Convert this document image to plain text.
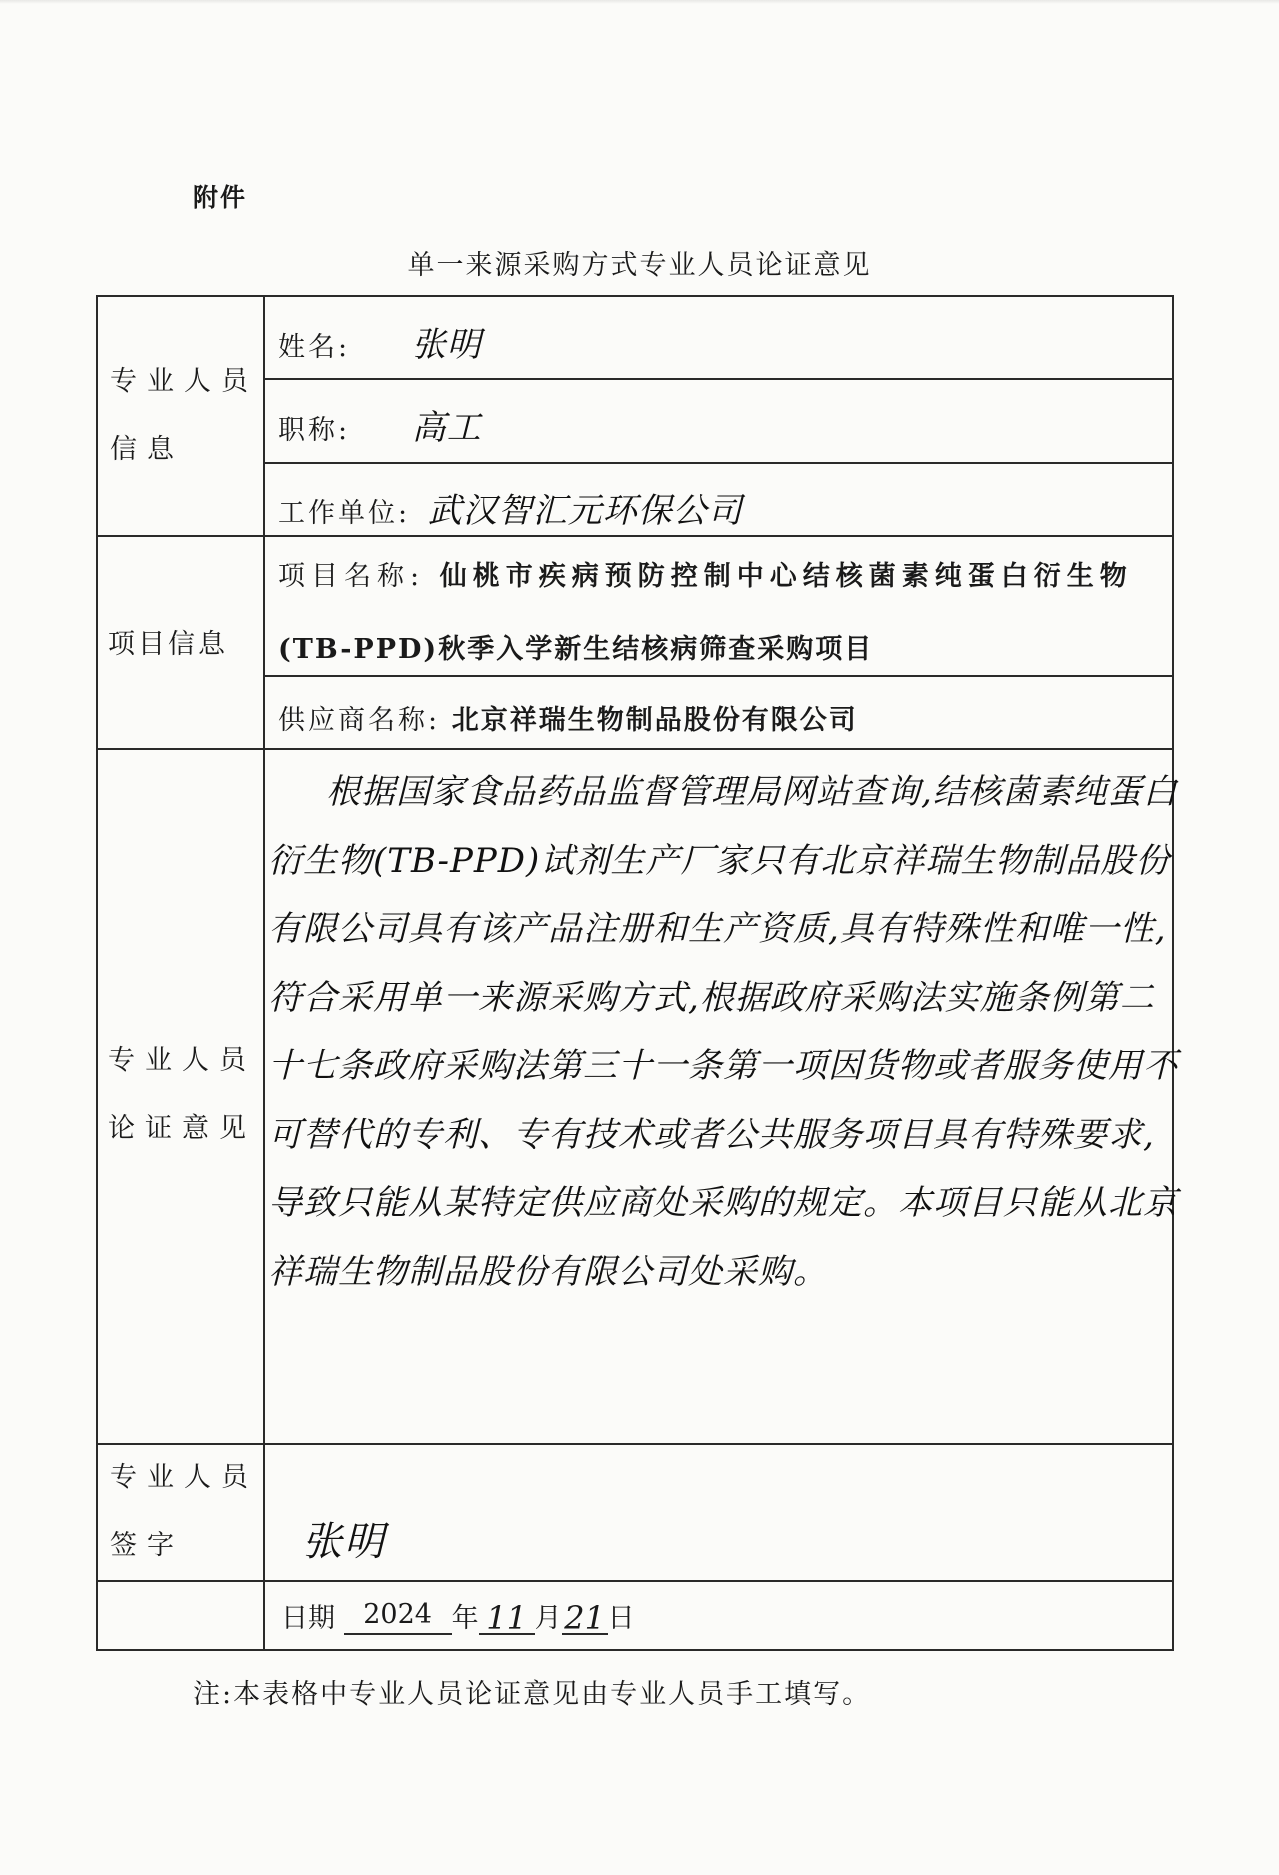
附件
单一来源采购方式专业人员论证意见
专业人员信息
项目信息
专业人员论证意见
专业人员签字
姓名: 张明
职称: 高工
工作单位: 武汉智汇元环保公司
项目名称: 仙桃市疾病预防控制中心结核菌素纯蛋白衍生物
(TB-PPD)秋季入学新生结核病筛查采购项目
供应商名称: 北京祥瑞生物制品股份有限公司

根据国家食品药品监督管理局网站查询,结核菌素纯蛋白衍生物(TB-PPD)试剂生产厂家只有北京祥瑞生物制品股份有限公司具有该产品注册和生产资质,具有特殊性和唯一性,符合采用单一来源采购方式,根据政府采购法实施条例第二十七条政府采购法第三十一条第一项因货物或者服务使用不可替代的专利、专有技术或者公共服务项目具有特殊要求,导致只能从某特定供应商处采购的规定。本项目只能从北京祥瑞生物制品股份有限公司处采购。

张明
日期 2024 年 11 月21日
注:本表格中专业人员论证意见由专业人员手工填写。
